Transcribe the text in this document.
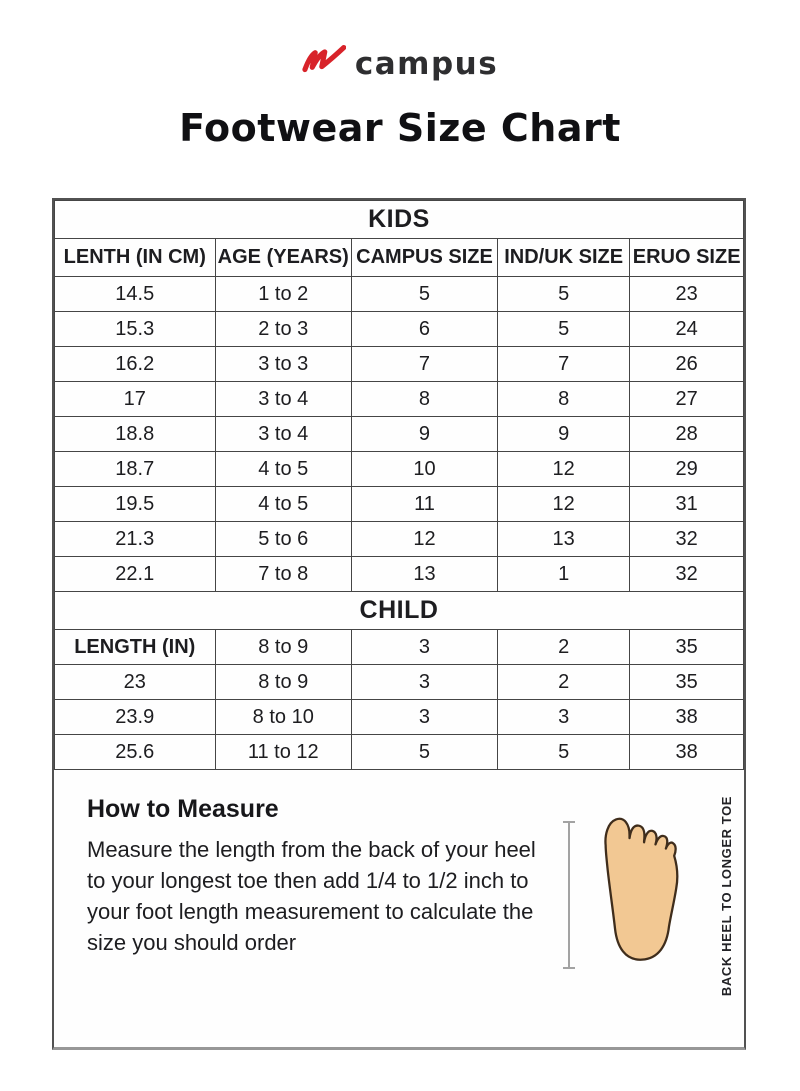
campus
Footwear Size Chart
KIDS				
LENTH (IN CM)	AGE (YEARS)	CAMPUS SIZE	IND/UK SIZE	ERUO SIZE
14.5	1 to 2	5	5	23
15.3	2 to 3	6	5	24
16.2	3 to 3	7	7	26
17	3 to 4	8	8	27
18.8	3 to 4	9	9	28
18.7	4 to 5	10	12	29
19.5	4 to 5	11	12	31
21.3	5 to 6	12	13	32
22.1	7 to 8	13	1	32
CHILD				
LENGTH (IN)	8 to 9	3	2	35
23	8 to 9	3	2	35
23.9	8 to 10	3	3	38
25.6	11 to 12	5	5	38
How to Measure
Measure the length from the back of your heel to your longest toe then add 1/4 to 1/2 inch to your foot length measurement to calculate the size you should order	BACK HEEL TO LONGER TOE
